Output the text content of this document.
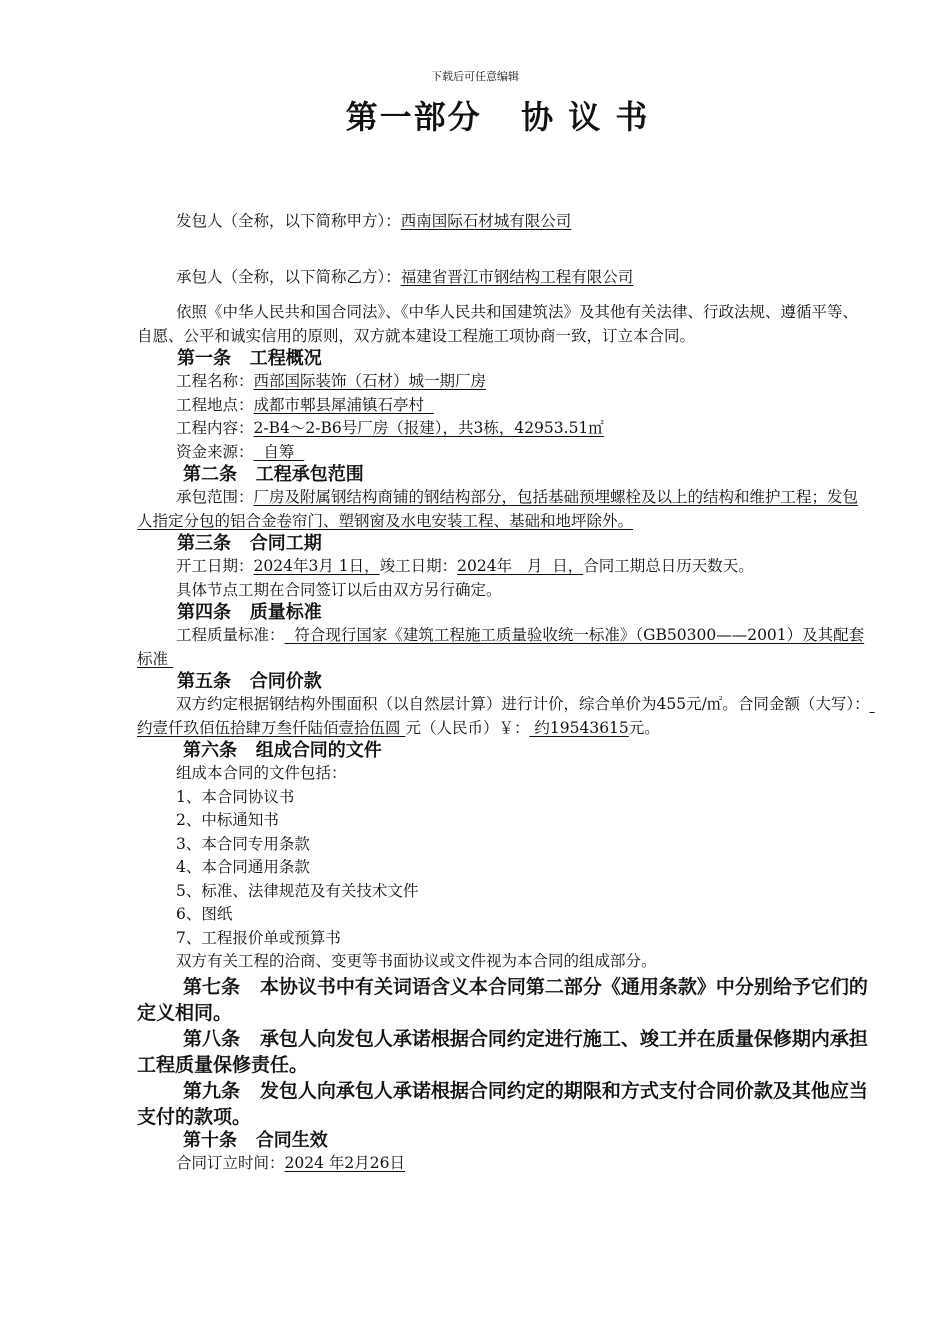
下载后可任意编辑
第一部分   协 议 书

发包人（全称，以下简称甲方）：西南国际石材城有限公司

承包人（全称，以下简称乙方）：福建省晋江市钢结构工程有限公司

依照《中华人民共和国合同法》、《中华人民共和国建筑法》及其他有关法律、行政法规、遵循平等、自愿、公平和诚实信用的原则，双方就本建设工程施工项协商一致，订立本合同。

第一条   工程概况

工程名称：西部国际装饰（石材）城一期厂房

工程地点：成都市郫县犀浦镇石亭村

工程内容：2-B4～2-B6号厂房（报建），共3栋，42953.51㎡

资金来源：  自筹

第二条   工程承包范围

承包范围：厂房及附属钢结构商铺的钢结构部分，包括基础预埋螺栓及以上的结构和维护工程；发包人指定分包的铝合金卷帘门、塑钢窗及水电安装工程、基础和地坪除外。

第三条   合同工期

开工日期：2024年3月 1日，竣工日期：2024年   月  日，合同工期总日历天数天。

具体节点工期在合同签订以后由双方另行确定。

第四条   质量标准

工程质量标准：  符合现行国家《建筑工程施工质量验收统一标准》（GB50300——2001）及其配套标准

第五条   合同价款

双方约定根据钢结构外围面积（以自然层计算）进行计价，综合单价为455元/㎡。合同金额（大写）： 约壹仟玖佰伍拾肆万叁仟陆佰壹拾伍圆 元（人民币）￥： 约19543615元。

第六条   组成合同的文件

组成本合同的文件包括：

1、本合同协议书

2、中标通知书

3、本合同专用条款

4、本合同通用条款

5、标准、法律规范及有关技术文件

6、图纸

7、工程报价单或预算书

双方有关工程的洽商、变更等书面协议或文件视为本合同的组成部分。

第七条   本协议书中有关词语含义本合同第二部分《通用条款》中分别给予它们的定义相同。

第八条   承包人向发包人承诺根据合同约定进行施工、竣工并在质量保修期内承担工程质量保修责任。

第九条   发包人向承包人承诺根据合同约定的期限和方式支付合同价款及其他应当支付的款项。

第十条   合同生效

合同订立时间：2024 年2月26日
